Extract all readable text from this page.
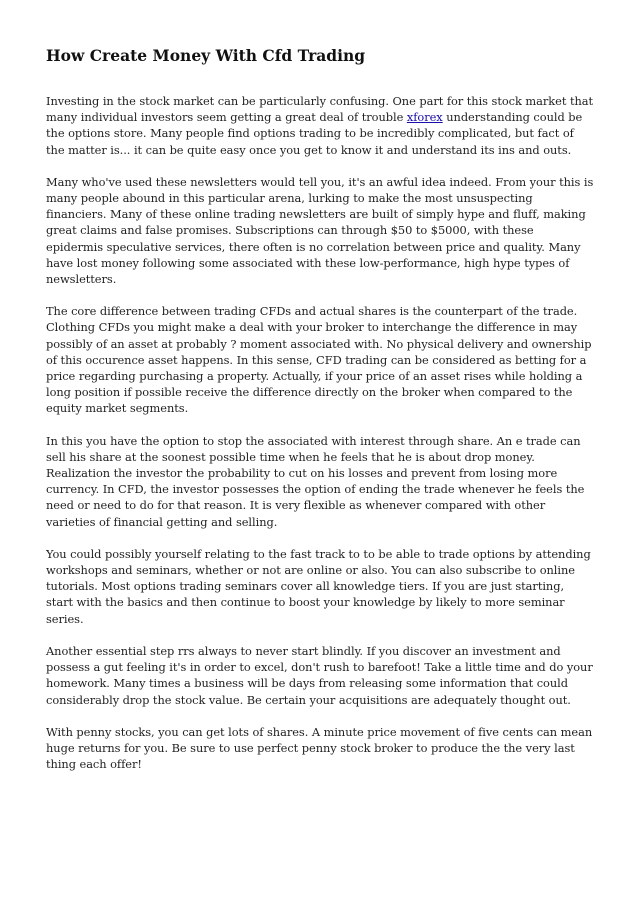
How Create Money With Cfd Trading

Investing in the stock market can be particularly confusing. One part for this stock market that many individual investors seem getting a great deal of trouble xforex understanding could be the options store. Many people find options trading to be incredibly complicated, but fact of the matter is... it can be quite easy once you get to know it and understand its ins and outs.

Many who've used these newsletters would tell you, it's an awful idea indeed. From your this is many people abound in this particular arena, lurking to make the most unsuspecting financiers. Many of these online trading newsletters are built of simply hype and fluff, making great claims and false promises. Subscriptions can through $50 to $5000, with these epidermis speculative services, there often is no correlation between price and quality. Many have lost money following some associated with these low-performance, high hype types of newsletters.

The core difference between trading CFDs and actual shares is the counterpart of the trade. Clothing CFDs you might make a deal with your broker to interchange the difference in may possibly of an asset at probably ? moment associated with. No physical delivery and ownership of this occurence asset happens. In this sense, CFD trading can be considered as betting for a price regarding purchasing a property. Actually, if your price of an asset rises while holding a long position if possible receive the difference directly on the broker when compared to the equity market segments.

In this you have the option to stop the associated with interest through share. An e trade can sell his share at the soonest possible time when he feels that he is about drop money. Realization the investor the probability to cut on his losses and prevent from losing more currency. In CFD, the investor possesses the option of ending the trade whenever he feels the need or need to do for that reason. It is very flexible as whenever compared with other varieties of financial getting and selling.

You could possibly yourself relating to the fast track to to be able to trade options by attending workshops and seminars, whether or not are online or also. You can also subscribe to online tutorials. Most options trading seminars cover all knowledge tiers. If you are just starting, start with the basics and then continue to boost your knowledge by likely to more seminar series.

Another essential step rrs always to never start blindly. If you discover an investment and possess a gut feeling it's in order to excel, don't rush to barefoot! Take a little time and do your homework. Many times a business will be days from releasing some information that could considerably drop the stock value. Be certain your acquisitions are adequately thought out.

With penny stocks, you can get lots of shares. A minute price movement of five cents can mean huge returns for you. Be sure to use perfect penny stock broker to produce the the very last thing each offer!
